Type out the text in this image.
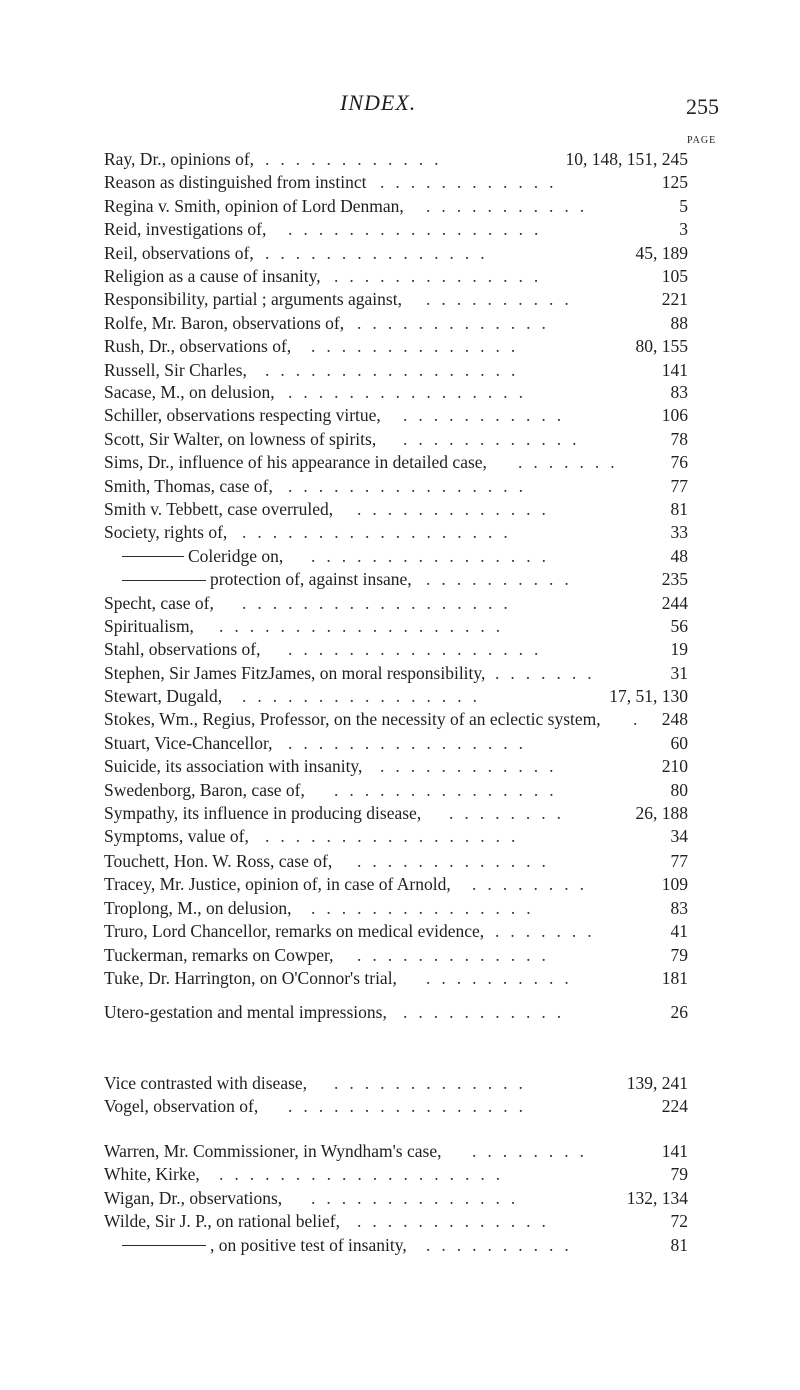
INDEX.	255
PAGE
Ray, Dr., opinions of,	10, 148, 151, 245
............
Reason as distinguished from instinct	125
............
Regina v. Smith, opinion of Lord Denman,	5
...........
Reid, investigations of,	3
.................
Reil, observations of,	45, 189
...............
Religion as a cause of insanity,	105
..............
Responsibility, partial ; arguments against,	221
..........
Rolfe, Mr. Baron, observations of,	88
.............
Rush, Dr., observations of,	80, 155
..............
Russell, Sir Charles,	141
.................
Sacase, M., on delusion,	83
................
Schiller, observations respecting virtue,	106
...........
Scott, Sir Walter, on lowness of spirits,	78
............
Sims, Dr., influence of his appearance in detailed case,	76
.......
Smith, Thomas, case of,	77
................
Smith v. Tebbett, case overruled,	81
.............
Society, rights of,	33
..................
Coleridge on,	48
................
protection of, against insane,	235
..........
Specht, case of,	244
..................
Spiritualism,	56
...................
Stahl, observations of,	19
.................
Stephen, Sir James FitzJames, on moral responsibility,	31
.......
Stewart, Dugald,	17, 51, 130
................
Stokes, Wm., Regius, Professor, on the necessity of an eclectic system,	248
.
Stuart, Vice-Chancellor,	60
................
Suicide, its association with insanity,	210
............
Swedenborg, Baron, case of,	80
...............
Sympathy, its influence in producing disease,	26, 188
........
Symptoms, value of,	34
.................
Touchett, Hon. W. Ross, case of,	77
.............
Tracey, Mr. Justice, opinion of, in case of Arnold,	109
........
Troplong, M., on delusion,	83
...............
Truro, Lord Chancellor, remarks on medical evidence,	41
.......
Tuckerman, remarks on Cowper,	79
.............
Tuke, Dr. Harrington, on O'Connor's trial,	181
..........
Utero-gestation and mental impressions,	26
...........
Vice contrasted with disease,	139, 241
.............
Vogel, observation of,	224
................
Warren, Mr. Commissioner, in Wyndham's case,	141
........
White, Kirke,	79
...................
Wigan, Dr., observations,	132, 134
..............
Wilde, Sir J. P., on rational belief,	72
.............
, on positive test of insanity,	81
..........
